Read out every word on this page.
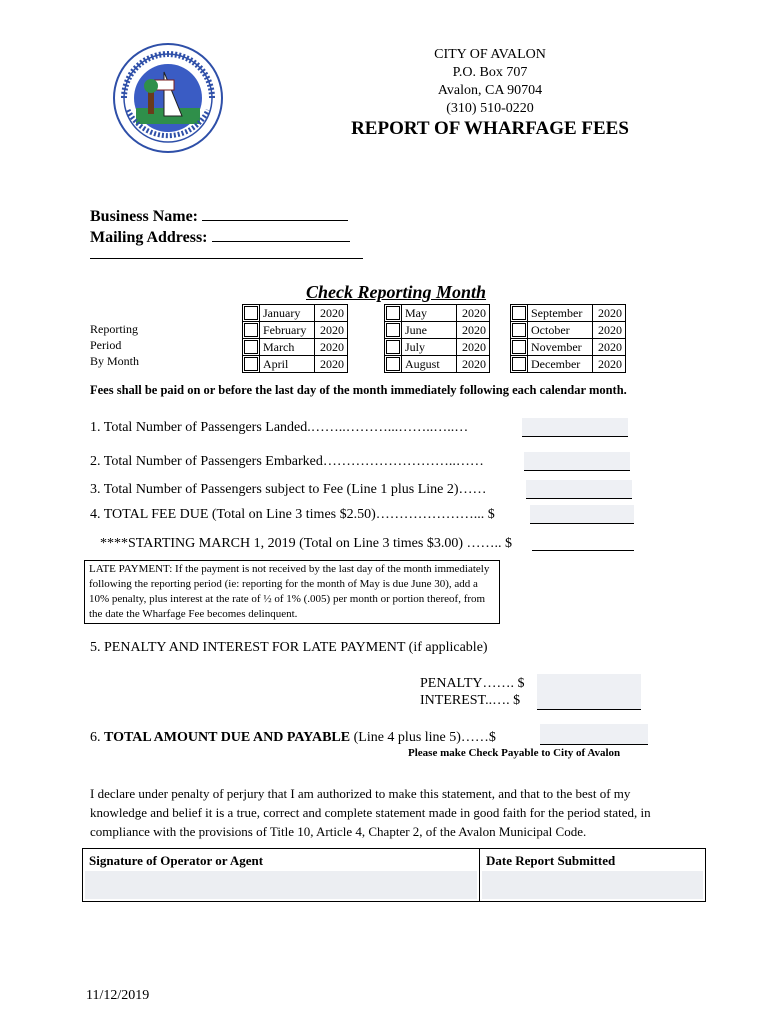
CITY OF AVALON
P.O. Box 707
Avalon, CA 90704
(310) 510-0220
REPORT OF WHARFAGE FEES
Business Name:
Mailing Address:
Check Reporting Month
Reporting
Period
By Month
	January	2020

	February	2020

	March	2020

	April	2020
	May	2020

	June	2020

	July	2020

	August	2020
	September	2020

	October	2020

	November	2020

	December	2020
Fees shall be paid on or before the last day of the month immediately following each calendar month.
1. Total Number of Passengers Landed.……..………...……..…..…
2. Total Number of Passengers Embarked………………………..……
3. Total Number of Passengers subject to Fee (Line 1 plus Line 2)……
4. TOTAL FEE DUE (Total on Line 3 times $2.50)…………………... $
****STARTING MARCH 1, 2019 (Total on Line 3 times $3.00) …….. $
LATE PAYMENT: If the payment is not received by the last day of the month immediately following the reporting period (ie: reporting for the month of May is due June 30), add a 10% penalty, plus interest at the rate of ½ of 1% (.005) per month or portion thereof, from the date the Wharfage Fee becomes delinquent.
5. PENALTY AND INTEREST FOR LATE PAYMENT (if applicable)
PENALTY……. $
INTEREST..…. $
6. TOTAL AMOUNT DUE AND PAYABLE (Line 4 plus line 5)……$
Please make Check Payable to City of Avalon
I declare under penalty of perjury that I am authorized to make this statement, and that to the best of my knowledge and belief it is a true, correct and complete statement made in good faith for the period stated, in compliance with the provisions of Title 10, Article 4, Chapter 2, of the Avalon Municipal Code.
Signature of Operator or Agent	Date Report Submitted
11/12/2019
